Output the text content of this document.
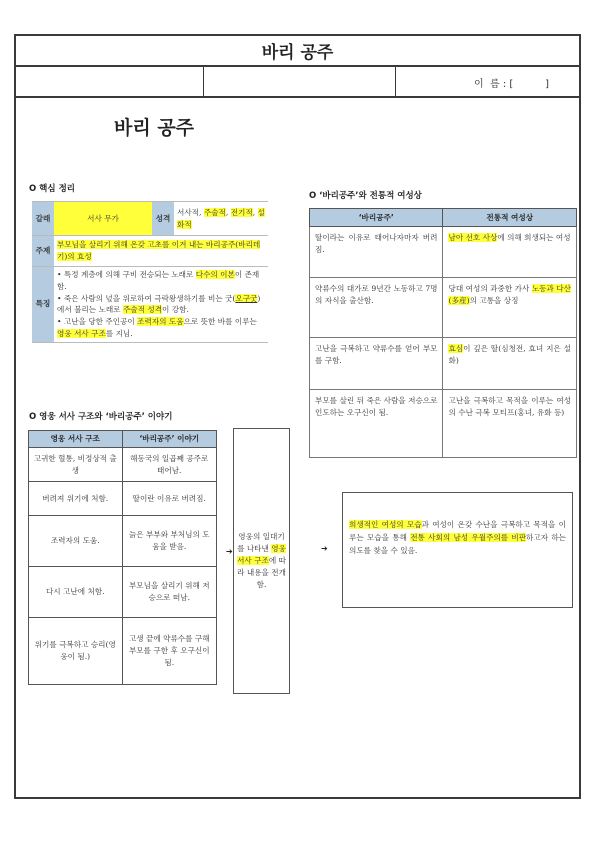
바리 공주
이  름 : [          ]
바리 공주
O 핵심 정리
갈래	서사 무가	성격	서사적, 주술적, 전기적, 설화적
주제	부모님을 살리기 위해 온갖 고초를 이겨 내는 바리공주(바리데기)의 효성		
특징	• 특정 계층에 의해 구비 전승되는 노래로 다수의 이본이 존재함.
• 죽은 사람의 넋을 위로하여 극락왕생하기를 비는 굿(오구굿)에서 불리는 노래로 주술적 성격이 강함.
• 고난을 당한 주인공이 조력자의 도움으로 뜻한 바를 이루는 영웅 서사 구조를 지님.		
O 영웅 서사 구조와 ‘바리공주’ 이야기
영웅 서사 구조	‘바리공주’ 이야기
고귀한 혈통, 비정상적 출생	해동국의 일곱째 공주로 태어남.
버려져 위기에 처함.	딸이란 이유로 버려짐.
조력자의 도움.	늙은 부부와 부처님의 도움을 받음.
다시 고난에 처함.	부모님을 살리기 위해 저승으로 떠남.
위기를 극복하고 승리(영웅이 됨.)	고생 끝에 약류수를 구해 부모를 구한 후 오구신이 됨.
➔
영웅의 일대기를 나타낸 영웅 서사 구조에 따라 내용을 전개함.
O ‘바리공주’와 전통적 여성상
‘바리공주’	전통적 여성상
딸이라는 이유로 태어나자마자 버려짐.	남아 선호 사상에 의해 희생되는 여성
약류수의 대가로 9년간 노동하고 7명의 자식을 출산함.	당대 여성의 과중한 가사 노동과 다산(多産)의 고통을 상징
고난을 극복하고 약류수를 얻어 부모를 구함.	효심이 깊은 딸(심청전, 효녀 지은 설화)
부모를 살린 뒤 죽은 사람을 저승으로 인도하는 오구신이 됨.	고난을 극복하고 목적을 이루는 여성의 수난 극복 모티프(홍녀, 유화 등)
➔
희생적인 여성의 모습과 여성이 온갖 수난을 극복하고 목적을 이루는 모습을 통해 전통 사회의 남성 우월주의를 비판하고자 하는 의도를 찾을 수 있음.
